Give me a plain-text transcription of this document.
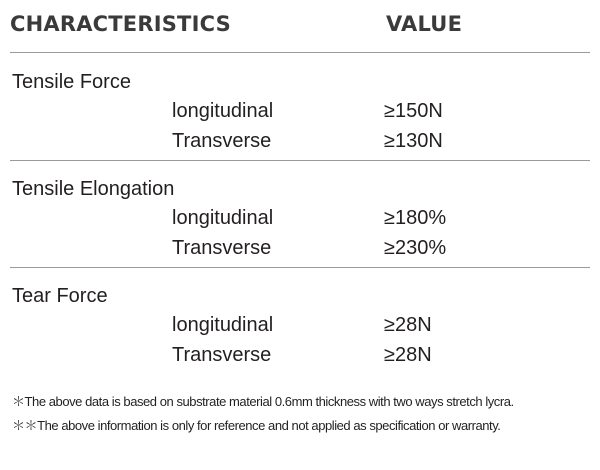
CHARACTERISTICS	VALUE
Tensile Force
longitudinal	≥150N
Transverse	≥130N
Tensile Elongation
longitudinal	≥180%
Transverse	≥230%
Tear Force
longitudinal	≥28N
Transverse	≥28N
＊The above data is based on substrate material 0.6mm thickness with two ways stretch lycra.
＊＊The above information is only for reference and not applied as specification or warranty.
